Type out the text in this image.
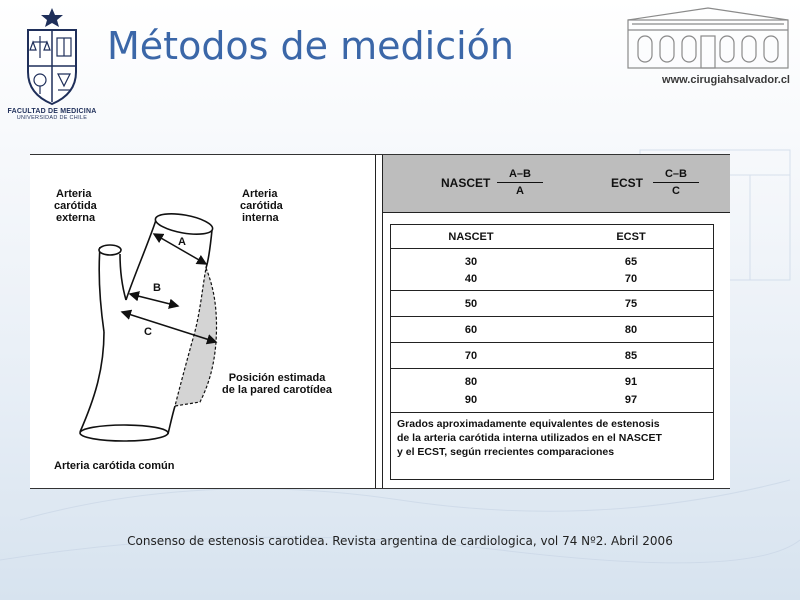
FACULTAD DE MEDICINA
UNIVERSIDAD DE CHILE
Métodos de medición
www.cirugiahsalvador.cl
Arteria
carótida
externa
Arteria
carótida
interna
A
B
C
Posición estimada
de la pared carotídea
Arteria carótida común
NASCET $\frac{A-B}{A}$	ECST $\frac{C-B}{C}$
NASCET	ECST
30	65
40	70
50	75
60	80
70	85
80	91
90	97
Grados aproximadamente equivalentes de estenosis
de la arteria carótida interna utilizados en el NASCET
y el ECST, según rrecientes comparaciones
Consenso de estenosis carotidea. Revista argentina de cardiologica, vol 74 Nº2. Abril 2006
